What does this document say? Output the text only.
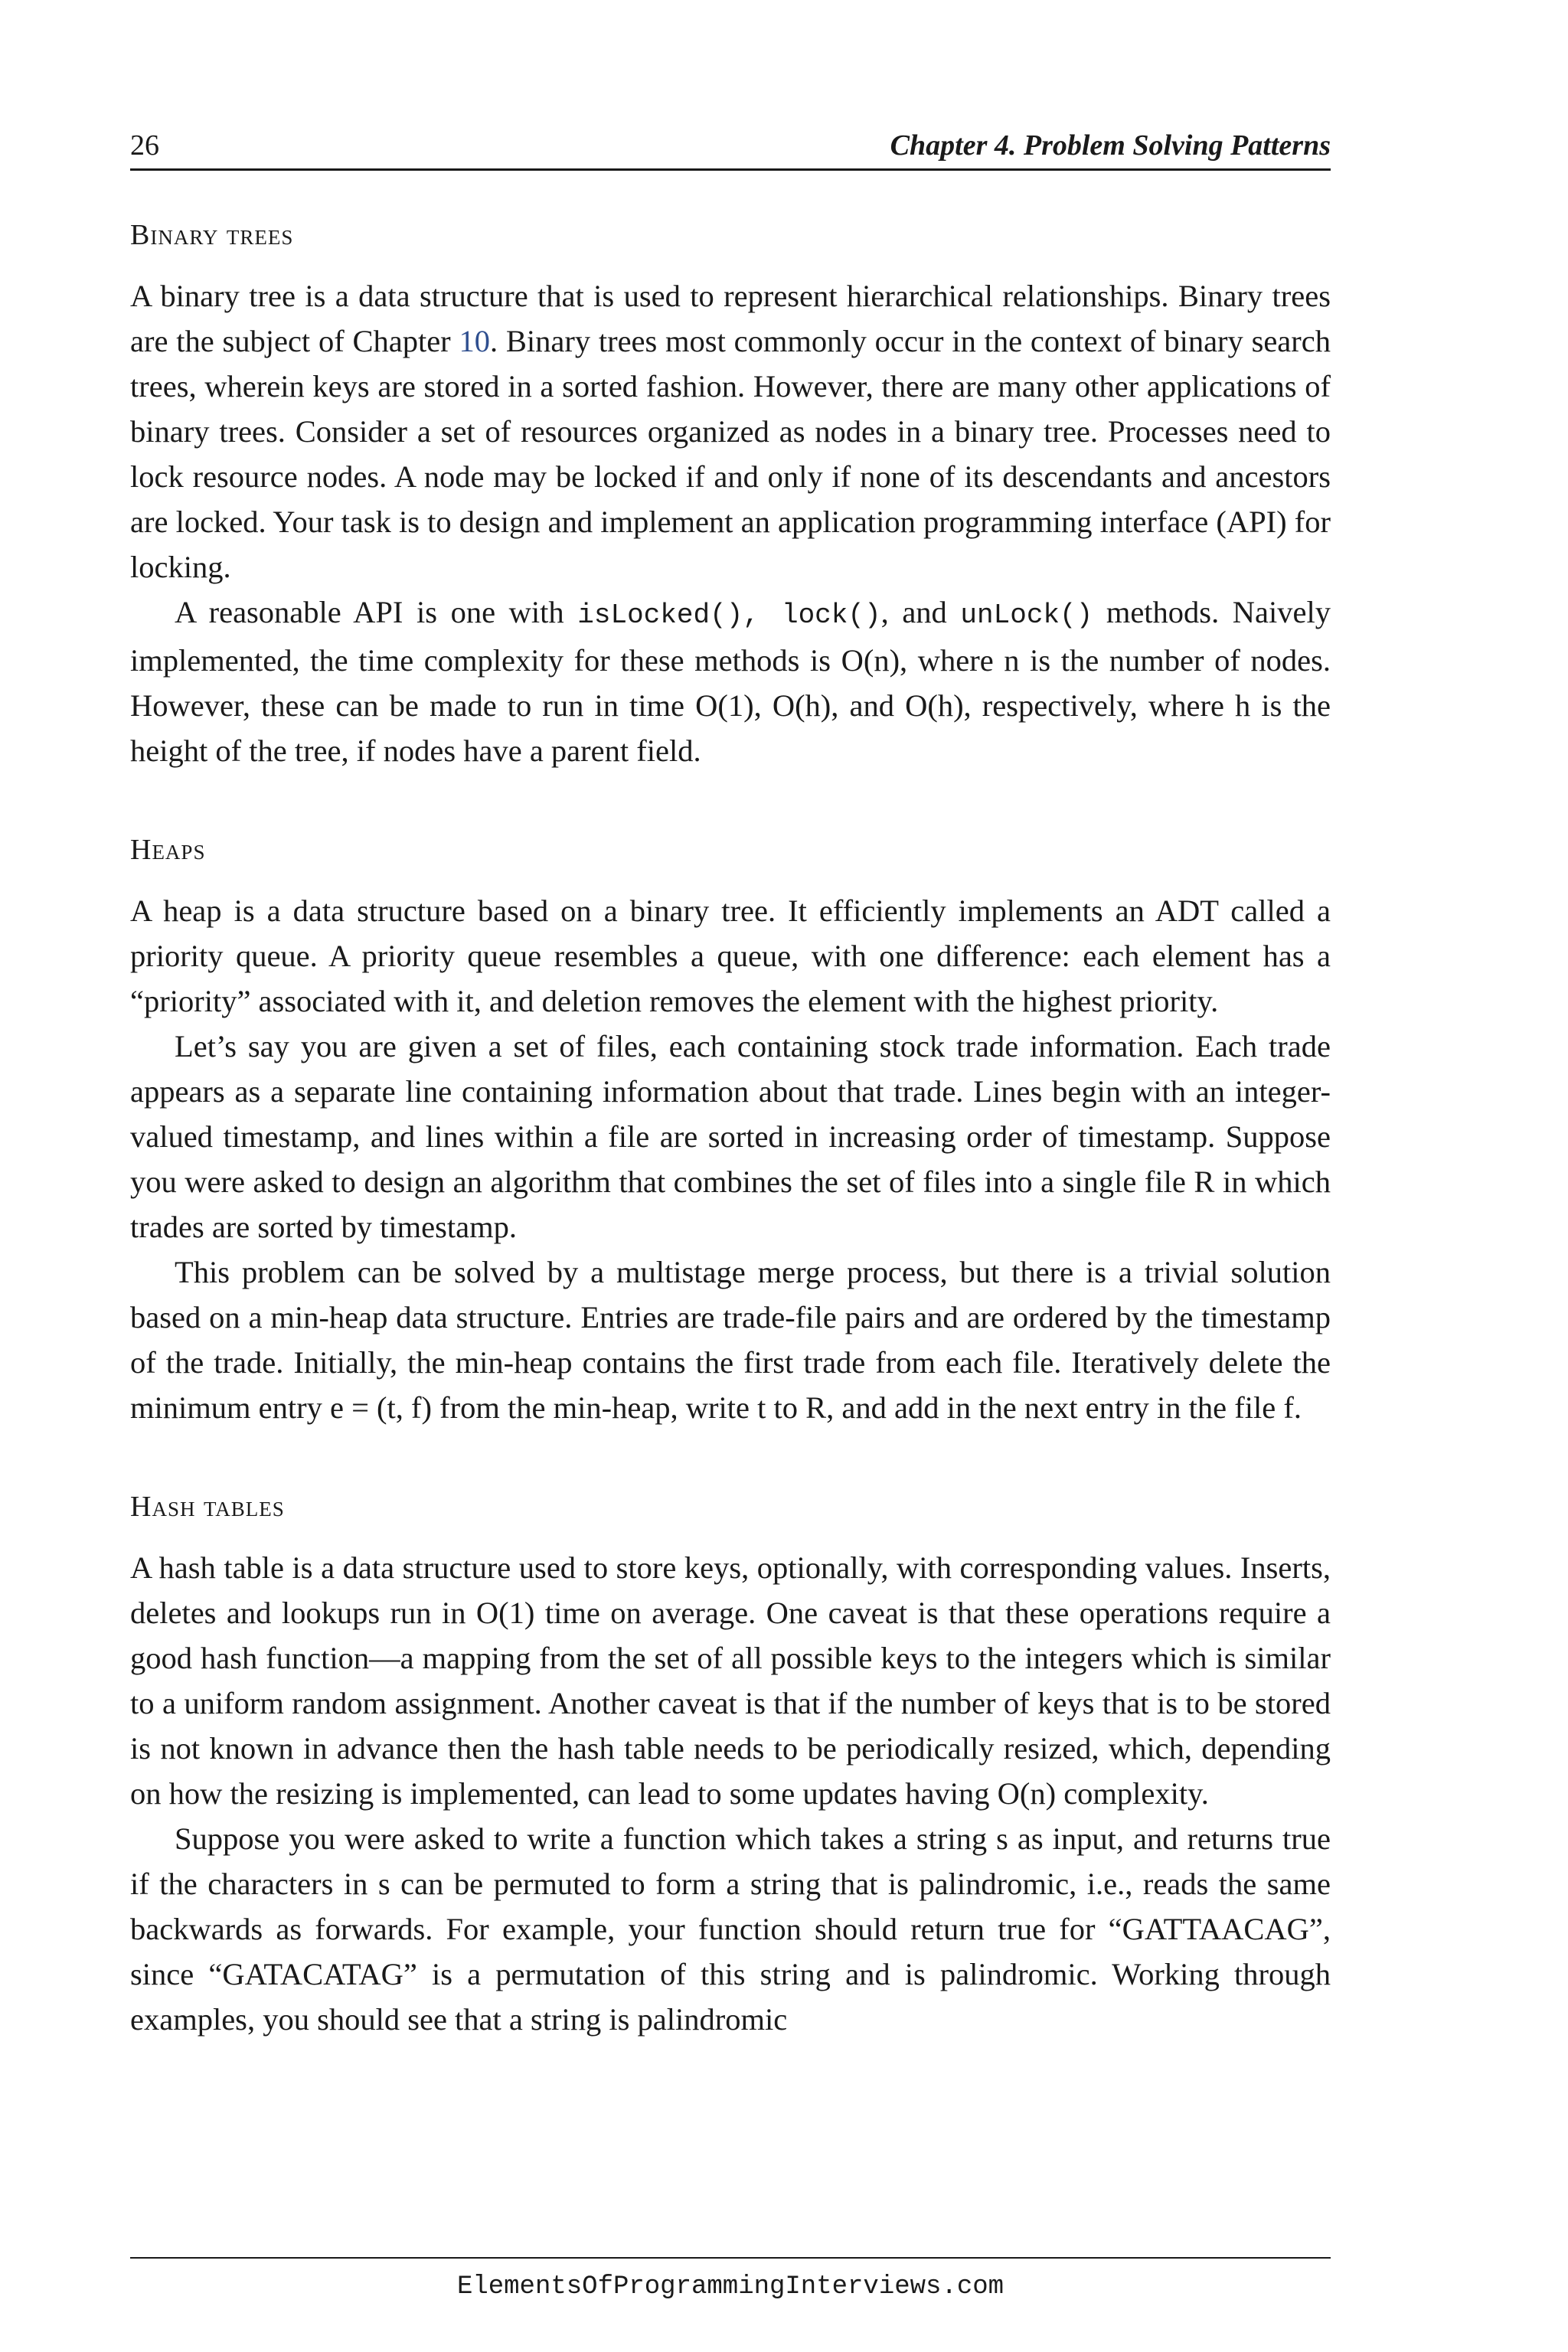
26	Chapter 4. Problem Solving Patterns
Binary trees

A binary tree is a data structure that is used to represent hierarchical relationships. Binary trees are the subject of Chapter 10. Binary trees most commonly occur in the context of binary search trees, wherein keys are stored in a sorted fashion. However, there are many other applications of binary trees. Consider a set of resources organized as nodes in a binary tree. Processes need to lock resource nodes. A node may be locked if and only if none of its descendants and ancestors are locked. Your task is to design and implement an application programming interface (API) for locking.

A reasonable API is one with isLocked(), lock(), and unLock() methods. Naively implemented, the time complexity for these methods is O(n), where n is the number of nodes. However, these can be made to run in time O(1), O(h), and O(h), respectively, where h is the height of the tree, if nodes have a parent field.

Heaps

A heap is a data structure based on a binary tree. It efficiently implements an ADT called a priority queue. A priority queue resembles a queue, with one difference: each element has a “priority” associated with it, and deletion removes the element with the highest priority.

Let’s say you are given a set of files, each containing stock trade information. Each trade appears as a separate line containing information about that trade. Lines begin with an integer-valued timestamp, and lines within a file are sorted in increasing order of timestamp. Suppose you were asked to design an algorithm that combines the set of files into a single file R in which trades are sorted by timestamp.

This problem can be solved by a multistage merge process, but there is a trivial solution based on a min-heap data structure. Entries are trade-file pairs and are ordered by the timestamp of the trade. Initially, the min-heap contains the first trade from each file. Iteratively delete the minimum entry e = (t, f) from the min-heap, write t to R, and add in the next entry in the file f.

Hash tables

A hash table is a data structure used to store keys, optionally, with corresponding values. Inserts, deletes and lookups run in O(1) time on average. One caveat is that these operations require a good hash function—a mapping from the set of all possible keys to the integers which is similar to a uniform random assignment. Another caveat is that if the number of keys that is to be stored is not known in advance then the hash table needs to be periodically resized, which, depending on how the resizing is implemented, can lead to some updates having O(n) complexity.

Suppose you were asked to write a function which takes a string s as input, and returns true if the characters in s can be permuted to form a string that is palindromic, i.e., reads the same backwards as forwards. For example, your function should return true for “GATTAACAG”, since “GATACATAG” is a permutation of this string and is palindromic. Working through examples, you should see that a string is palindromic

ElementsOfProgrammingInterviews.com
